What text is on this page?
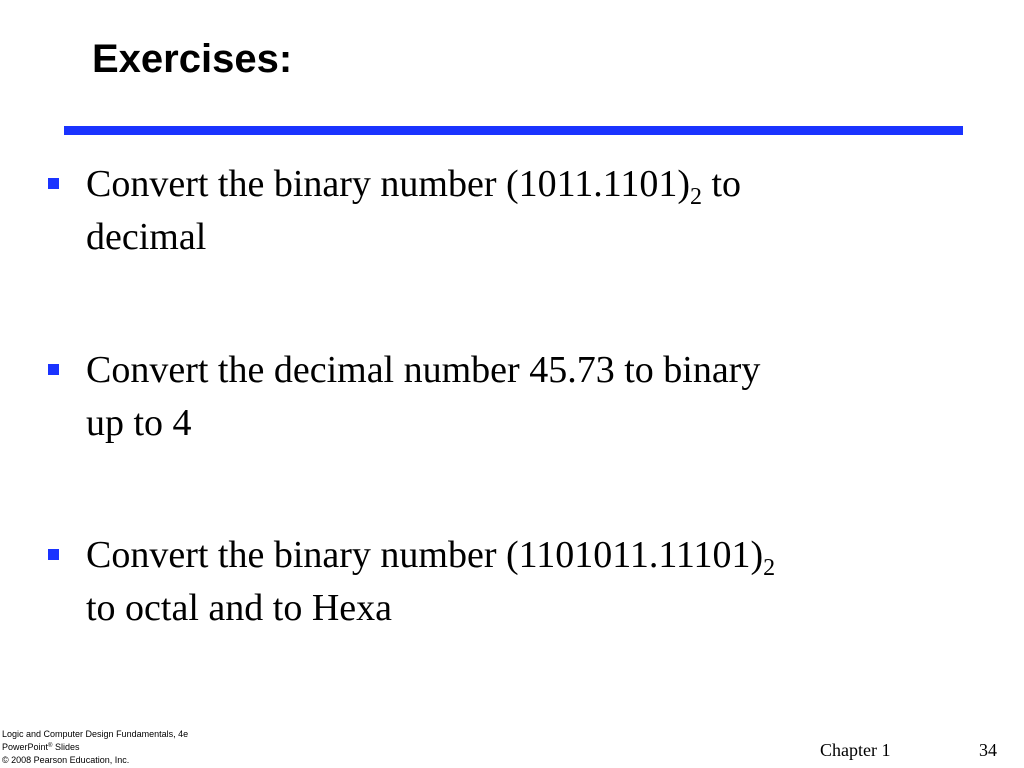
Exercises:
Convert the binary number $(1011.1101)_2$ to
decimal
Convert the decimal number 45.73 to binary
up to 4
Convert the binary number $(1101011.11101)_2$
to octal and to Hexa
Logic and Computer Design Fundamentals, 4e
PowerPoint® Slides
© 2008 Pearson Education, Inc.	Chapter 1	34
